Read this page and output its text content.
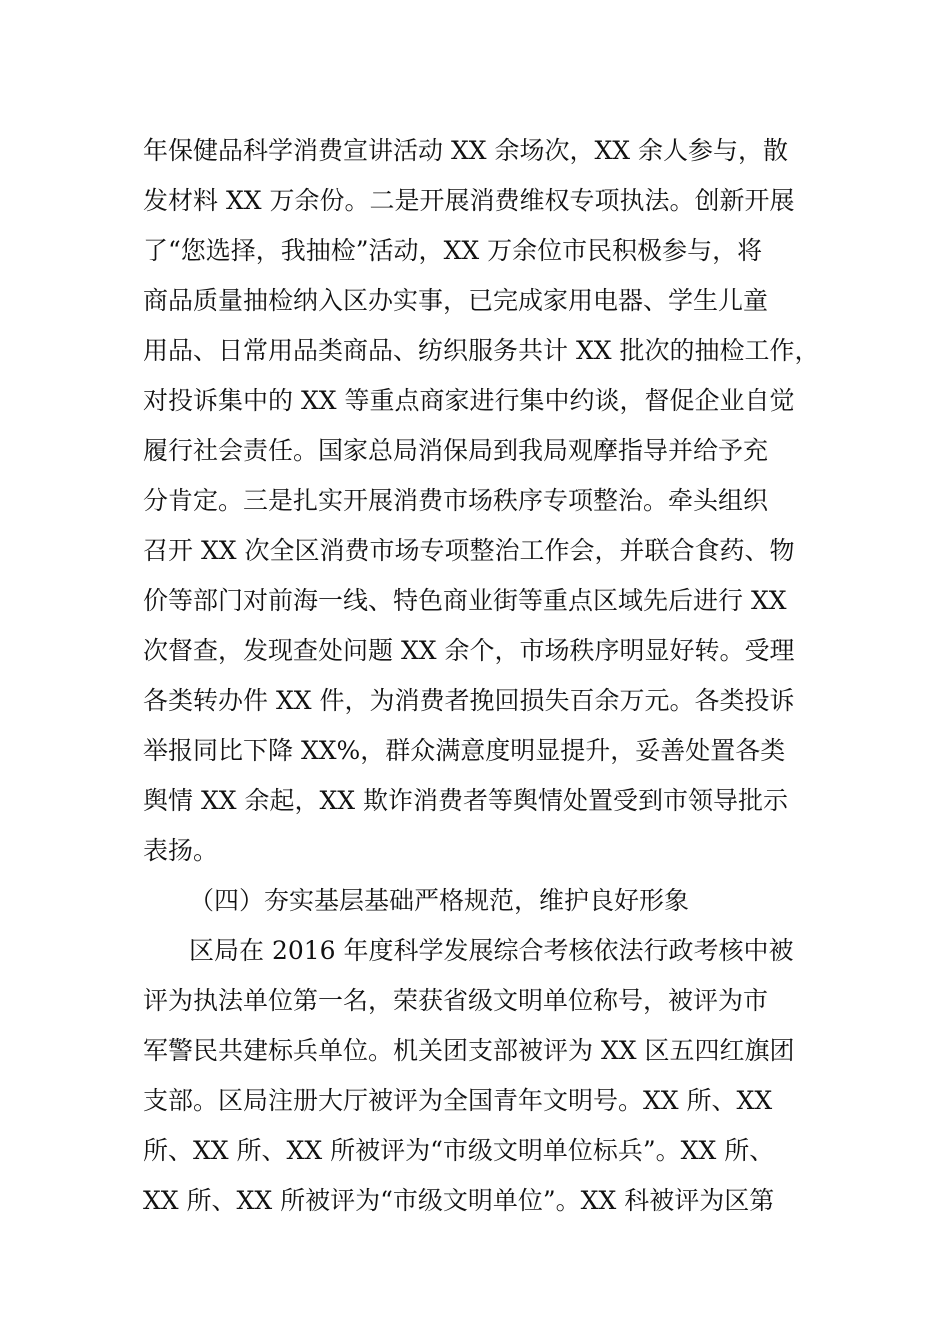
年保健品科学消费宣讲活动 XX 余场次，XX 余人参与，散
发材料 XX 万余份。二是开展消费维权专项执法。创新开展
了“您选择，我抽检”活动，XX 万余位市民积极参与，将
商品质量抽检纳入区办实事，已完成家用电器、学生儿童
用品、日常用品类商品、纺织服务共计 XX 批次的抽检工作，
对投诉集中的 XX 等重点商家进行集中约谈，督促企业自觉
履行社会责任。国家总局消保局到我局观摩指导并给予充
分肯定。三是扎实开展消费市场秩序专项整治。牵头组织
召开 XX 次全区消费市场专项整治工作会，并联合食药、物
价等部门对前海一线、特色商业街等重点区域先后进行 XX
次督查，发现查处问题 XX 余个，市场秩序明显好转。受理
各类转办件 XX 件，为消费者挽回损失百余万元。各类投诉
举报同比下降 XX%，群众满意度明显提升，妥善处置各类
舆情 XX 余起，XX 欺诈消费者等舆情处置受到市领导批示
表扬。
（四）夯实基层基础严格规范，维护良好形象
区局在 2016 年度科学发展综合考核依法行政考核中被
评为执法单位第一名，荣获省级文明单位称号，被评为市
军警民共建标兵单位。机关团支部被评为 XX 区五四红旗团
支部。区局注册大厅被评为全国青年文明号。XX 所、XX
所、XX 所、XX 所被评为“市级文明单位标兵”。XX 所、
XX 所、XX 所被评为“市级文明单位”。XX 科被评为区第
